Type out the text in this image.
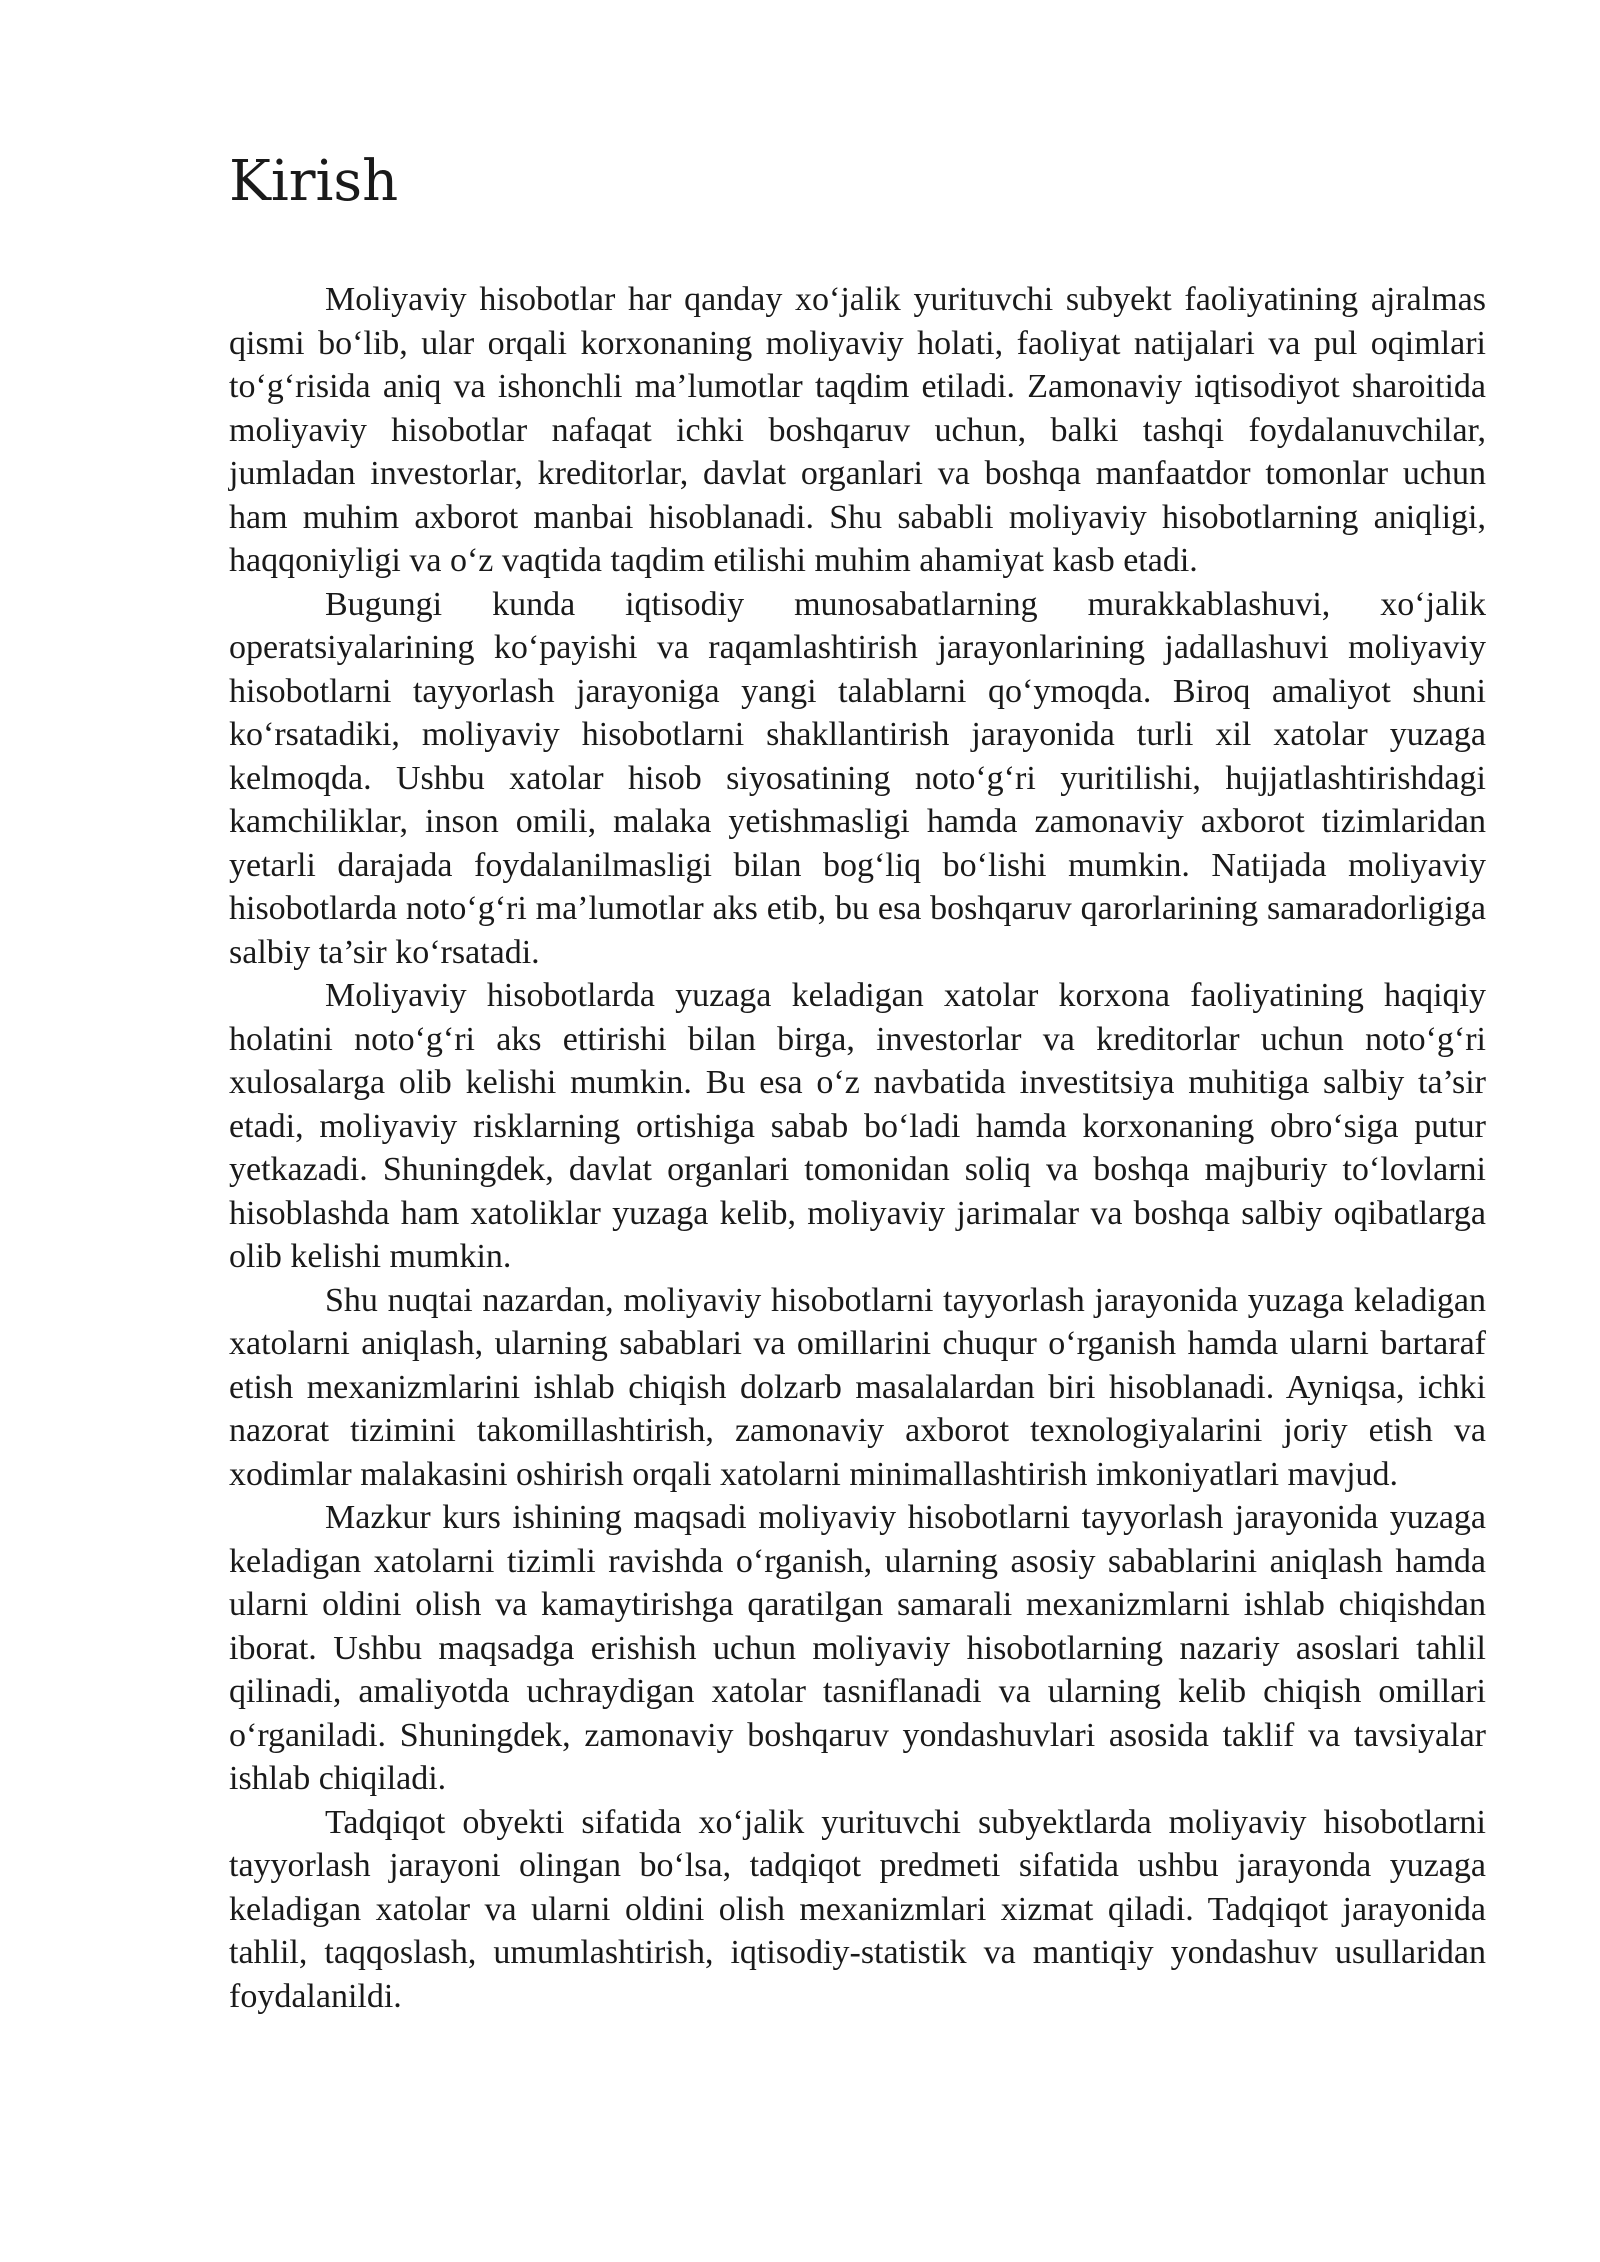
Kirish

Moliyaviy hisobotlar har qanday xo‘jalik yurituvchi subyekt faoliyatining ajralmas qismi bo‘lib, ular orqali korxonaning moliyaviy holati, faoliyat natijalari va pul oqimlari to‘g‘risida aniq va ishonchli ma’lumotlar taqdim etiladi. Zamonaviy iqtisodiyot sharoitida moliyaviy hisobotlar nafaqat ichki boshqaruv uchun, balki tashqi foydalanuvchilar, jumladan investorlar, kreditorlar, davlat organlari va boshqa manfaatdor tomonlar uchun ham muhim axborot manbai hisoblanadi. Shu sababli moliyaviy hisobotlarning aniqligi, haqqoniyligi va o‘z vaqtida taqdim etilishi muhim ahamiyat kasb etadi.

Bugungi kunda iqtisodiy munosabatlarning murakkablashuvi, xo‘jalik operatsiyalarining ko‘payishi va raqamlashtirish jarayonlarining jadallashuvi moliyaviy hisobotlarni tayyorlash jarayoniga yangi talablarni qo‘ymoqda. Biroq amaliyot shuni ko‘rsatadiki, moliyaviy hisobotlarni shakllantirish jarayonida turli xil xatolar yuzaga kelmoqda. Ushbu xatolar hisob siyosatining noto‘g‘ri yuritilishi, hujjatlashtirishdagi kamchiliklar, inson omili, malaka yetishmasligi hamda zamonaviy axborot tizimlaridan yetarli darajada foydalanilmasligi bilan bog‘liq bo‘lishi mumkin. Natijada moliyaviy hisobotlarda noto‘g‘ri ma’lumotlar aks etib, bu esa boshqaruv qarorlarining samaradorligiga salbiy ta’sir ko‘rsatadi.

Moliyaviy hisobotlarda yuzaga keladigan xatolar korxona faoliyatining haqiqiy holatini noto‘g‘ri aks ettirishi bilan birga, investorlar va kreditorlar uchun noto‘g‘ri xulosalarga olib kelishi mumkin. Bu esa o‘z navbatida investitsiya muhitiga salbiy ta’sir etadi, moliyaviy risklarning ortishiga sabab bo‘ladi hamda korxonaning obro‘siga putur yetkazadi. Shuningdek, davlat organlari tomonidan soliq va boshqa majburiy to‘lovlarni hisoblashda ham xatoliklar yuzaga kelib, moliyaviy jarimalar va boshqa salbiy oqibatlarga olib kelishi mumkin.

Shu nuqtai nazardan, moliyaviy hisobotlarni tayyorlash jarayonida yuzaga keladigan xatolarni aniqlash, ularning sabablari va omillarini chuqur o‘rganish hamda ularni bartaraf etish mexanizmlarini ishlab chiqish dolzarb masalalardan biri hisoblanadi. Ayniqsa, ichki nazorat tizimini takomillashtirish, zamonaviy axborot texnologiyalarini joriy etish va xodimlar malakasini oshirish orqali xatolarni minimallashtirish imkoniyatlari mavjud.

Mazkur kurs ishining maqsadi moliyaviy hisobotlarni tayyorlash jarayonida yuzaga keladigan xatolarni tizimli ravishda o‘rganish, ularning asosiy sabablarini aniqlash hamda ularni oldini olish va kamaytirishga qaratilgan samarali mexanizmlarni ishlab chiqishdan iborat. Ushbu maqsadga erishish uchun moliyaviy hisobotlarning nazariy asoslari tahlil qilinadi, amaliyotda uchraydigan xatolar tasniflanadi va ularning kelib chiqish omillari o‘rganiladi. Shuningdek, zamonaviy boshqaruv yondashuvlari asosida taklif va tavsiyalar ishlab chiqiladi.

Tadqiqot obyekti sifatida xo‘jalik yurituvchi subyektlarda moliyaviy hisobotlarni tayyorlash jarayoni olingan bo‘lsa, tadqiqot predmeti sifatida ushbu jarayonda yuzaga keladigan xatolar va ularni oldini olish mexanizmlari xizmat qiladi. Tadqiqot jarayonida tahlil, taqqoslash, umumlashtirish, iqtisodiy-statistik va mantiqiy yondashuv usullaridan foydalanildi.
